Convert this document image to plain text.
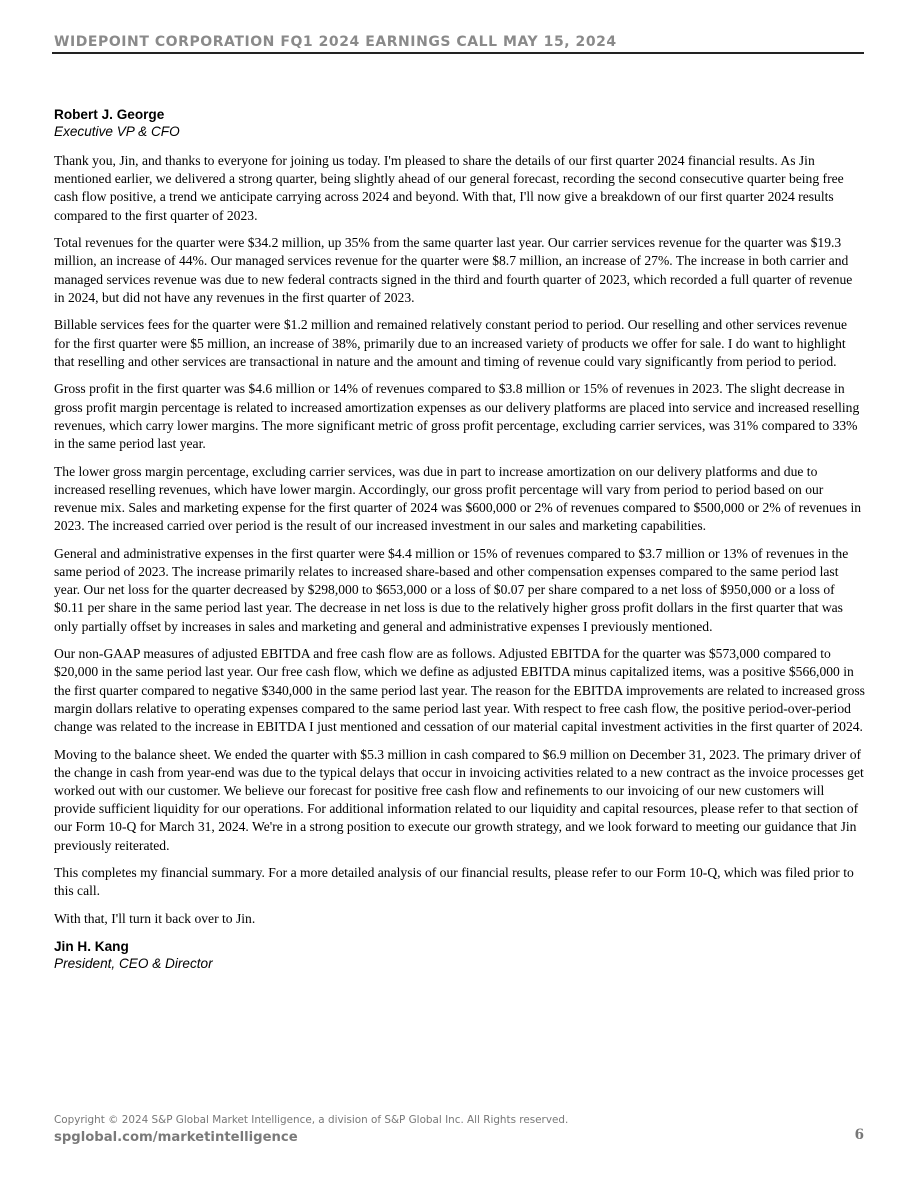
WIDEPOINT CORPORATION FQ1 2024 EARNINGS CALL MAY 15, 2024

Robert J. George

Executive VP & CFO

Thank you, Jin, and thanks to everyone for joining us today. I'm pleased to share the details of our first quarter 2024 financial results. As Jin mentioned earlier, we delivered a strong quarter, being slightly ahead of our general forecast, recording the second consecutive quarter being free cash flow positive, a trend we anticipate carrying across 2024 and beyond. With that, I'll now give a breakdown of our first quarter 2024 results compared to the first quarter of 2023.

Total revenues for the quarter were $34.2 million, up 35% from the same quarter last year. Our carrier services revenue for the quarter was $19.3 million, an increase of 44%. Our managed services revenue for the quarter were $8.7 million, an increase of 27%. The increase in both carrier and managed services revenue was due to new federal contracts signed in the third and fourth quarter of 2023, which recorded a full quarter of revenue in 2024, but did not have any revenues in the first quarter of 2023.

Billable services fees for the quarter were $1.2 million and remained relatively constant period to period. Our reselling and other services revenue for the first quarter were $5 million, an increase of 38%, primarily due to an increased variety of products we offer for sale. I do want to highlight that reselling and other services are transactional in nature and the amount and timing of revenue could vary significantly from period to period.

Gross profit in the first quarter was $4.6 million or 14% of revenues compared to $3.8 million or 15% of revenues in 2023. The slight decrease in gross profit margin percentage is related to increased amortization expenses as our delivery platforms are placed into service and increased reselling revenues, which carry lower margins. The more significant metric of gross profit percentage, excluding carrier services, was 31% compared to 33% in the same period last year.

The lower gross margin percentage, excluding carrier services, was due in part to increase amortization on our delivery platforms and due to increased reselling revenues, which have lower margin. Accordingly, our gross profit percentage will vary from period to period based on our revenue mix. Sales and marketing expense for the first quarter of 2024 was $600,000 or 2% of revenues compared to $500,000 or 2% of revenues in 2023. The increased carried over period is the result of our increased investment in our sales and marketing capabilities.

General and administrative expenses in the first quarter were $4.4 million or 15% of revenues compared to $3.7 million or 13% of revenues in the same period of 2023. The increase primarily relates to increased share-based and other compensation expenses compared to the same period last year. Our net loss for the quarter decreased by $298,000 to $653,000 or a loss of $0.07 per share compared to a net loss of $950,000 or a loss of $0.11 per share in the same period last year. The decrease in net loss is due to the relatively higher gross profit dollars in the first quarter that was only partially offset by increases in sales and marketing and general and administrative expenses I previously mentioned.

Our non-GAAP measures of adjusted EBITDA and free cash flow are as follows. Adjusted EBITDA for the quarter was $573,000 compared to $20,000 in the same period last year. Our free cash flow, which we define as adjusted EBITDA minus capitalized items, was a positive $566,000 in the first quarter compared to negative $340,000 in the same period last year. The reason for the EBITDA improvements are related to increased gross margin dollars relative to operating expenses compared to the same period last year. With respect to free cash flow, the positive period-over-period change was related to the increase in EBITDA I just mentioned and cessation of our material capital investment activities in the first quarter of 2024.

Moving to the balance sheet. We ended the quarter with $5.3 million in cash compared to $6.9 million on December 31, 2023. The primary driver of the change in cash from year-end was due to the typical delays that occur in invoicing activities related to a new contract as the invoice processes get worked out with our customer. We believe our forecast for positive free cash flow and refinements to our invoicing of our new customers will provide sufficient liquidity for our operations. For additional information related to our liquidity and capital resources, please refer to that section of our Form 10-Q for March 31, 2024. We're in a strong position to execute our growth strategy, and we look forward to meeting our guidance that Jin previously reiterated.

This completes my financial summary. For a more detailed analysis of our financial results, please refer to our Form 10-Q, which was filed prior to this call.

With that, I'll turn it back over to Jin.

Jin H. Kang

President, CEO & Director

Copyright © 2024 S&P Global Market Intelligence, a division of S&P Global Inc. All Rights reserved.
spglobal.com/marketintelligence	6
